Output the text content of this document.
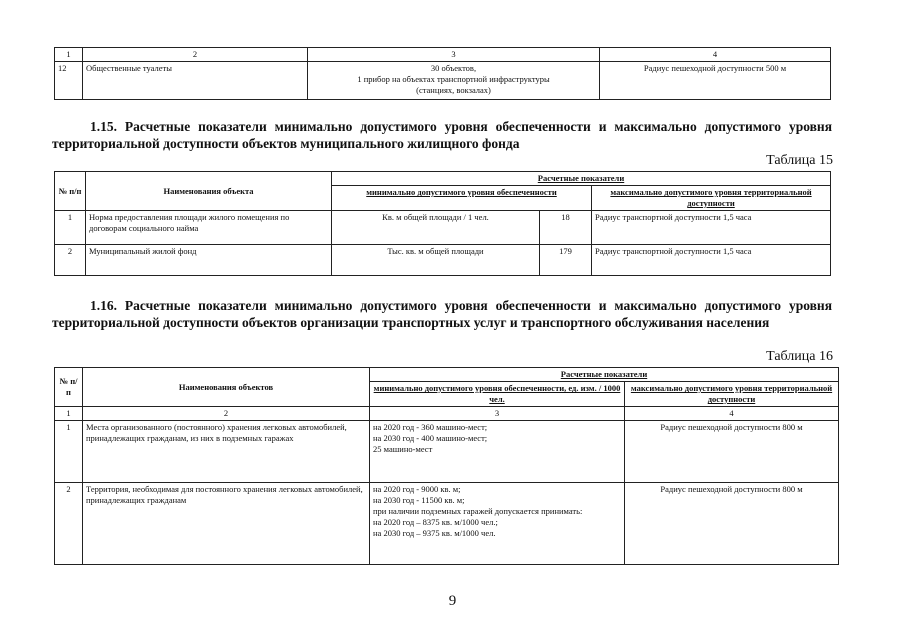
1	2	3	4
12	Общественные туалеты	30 объектов,
1 прибор на объектах транспортной инфраструктуры
(станциях, вокзалах)	Радиус пешеходной доступности 500 м
1.15. Расчетные показатели минимально допустимого уровня обеспеченности и максимально допустимого уровня территориальной доступности объектов муниципального жилищного фонда
Таблица 15
№ п/п	Наименования объекта	Расчетные показатели		
		минимально допустимого уровня обеспеченности		максимально допустимого уровня территориальной доступности
1	Норма предоставления площади жилого помещения по договорам социального найма	Кв. м общей площади / 1 чел.	18	Радиус транспортной доступности 1,5 часа
2	Муниципальный жилой фонд	Тыс. кв. м общей площади	179	Радиус транспортной доступности 1,5 часа
1.16. Расчетные показатели минимально допустимого уровня обеспеченности и максимально допустимого уровня территориальной доступности объектов организации транспортных услуг и транспортного обслуживания населения
Таблица 16
№ п/п	Наименования объектов	Расчетные показатели	
		минимально допустимого уровня обеспеченности, ед. изм. / 1000 чел.	максимально допустимого уровня территориальной доступности
1	2	3	4
1	Места организованного (постоянного) хранения легковых автомобилей, принадлежащих гражданам, из них в подземных гаражах	на 2020 год - 360 машино-мест;
на 2030 год - 400 машино-мест;
25 машино-мест	Радиус пешеходной доступности 800 м
2	Территория, необходимая для постоянного хранения легковых автомобилей, принадлежащих гражданам	на 2020 год - 9000 кв. м;
на 2030 год - 11500 кв. м;
при наличии подземных гаражей допускается принимать:
на 2020 год – 8375 кв. м/1000 чел.;
на 2030 год – 9375 кв. м/1000 чел.	Радиус пешеходной доступности 800 м
9
